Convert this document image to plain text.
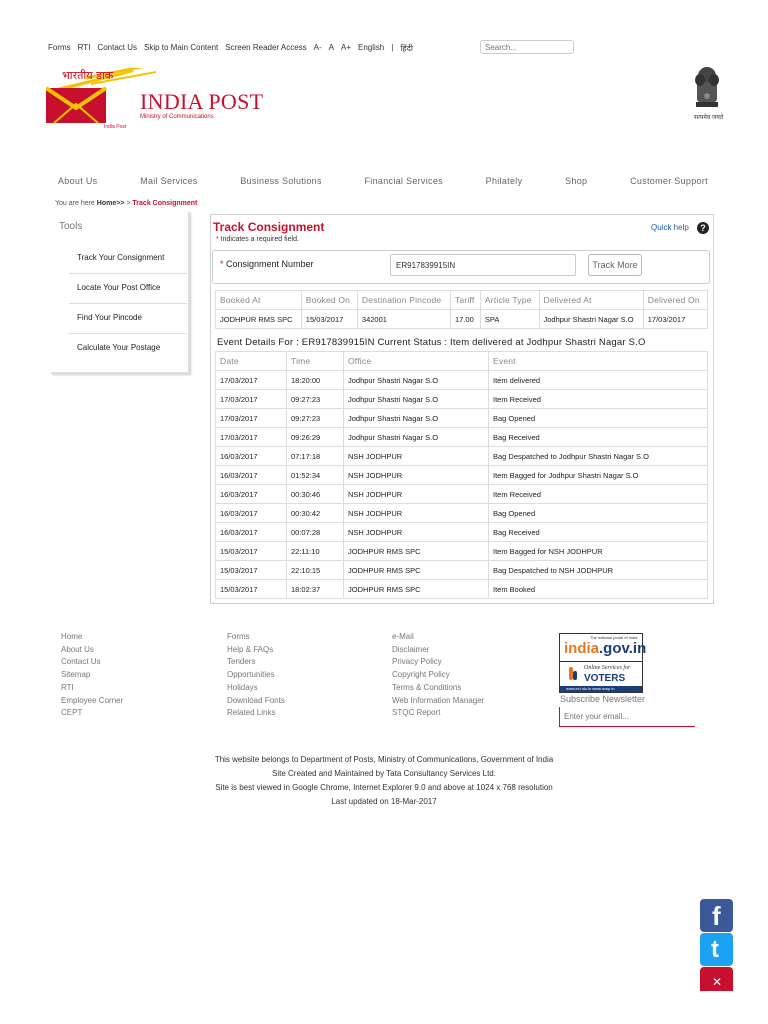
Forms RTI Contact Us Skip to Main Content Screen Reader Access A- A A+ English | हिंदी
Search...
भारतीय डाक
INDIA POST
Ministry of Communications
India Post
सत्यमेव जयते
About Us	Mail Services	Business Solutions	Financial Services	Philately	Shop	Customer Support
You are here Home>> > Track Consignment
Tools
Track Your Consignment
Locate Your Post Office
Find Your Pincode
Calculate Your Postage
Track Consignment
* Indicates a required field.
Quick help	?
* Consignment Number
ER917839915IN	Track More
Booked At	Booked On	Destination Pincode	Tariff	Article Type	Delivered At	Delivered On
JODHPUR RMS SPC	15/03/2017	342001	17.00	SPA	Jodhpur Shastri Nagar S.O	17/03/2017
Event Details For : ER917839915IN Current Status : Item delivered at Jodhpur Shastri Nagar S.O
Date	Time	Office	Event
17/03/2017	18:20:00	Jodhpur Shastri Nagar S.O	Item delivered
17/03/2017	09:27:23	Jodhpur Shastri Nagar S.O	Item Received
17/03/2017	09:27:23	Jodhpur Shastri Nagar S.O	Bag Opened
17/03/2017	09:26:29	Jodhpur Shastri Nagar S.O	Bag Received
16/03/2017	07:17:18	NSH JODHPUR	Bag Despatched to Jodhpur Shastri Nagar S.O
16/03/2017	01:52:34	NSH JODHPUR	Item Bagged for Jodhpur Shastri Nagar S.O
16/03/2017	00:30:46	NSH JODHPUR	Item Received
16/03/2017	00:30:42	NSH JODHPUR	Bag Opened
16/03/2017	00:07:28	NSH JODHPUR	Bag Received
15/03/2017	22:11:10	JODHPUR RMS SPC	Item Bagged for NSH JODHPUR
15/03/2017	22:10:15	JODHPUR RMS SPC	Bag Despatched to NSH JODHPUR
15/03/2017	18:02:37	JODHPUR RMS SPC	Item Booked
Home
About Us
Contact Us
Sitemap
RTI
Employee Corner
CEPT
Forms
Help & FAQs
Tenders
Opportunities
Holidays
Download Fonts
Related Links
e-Mail
Disclaimer
Privacy Policy
Copyright Policy
Terms & Conditions
Web Information Manager
STQC Report
The national portal of India
india.gov.in
Online Services for
VOTERS
www.eci.nic.in www.nvsp.in
Subscribe Newsletter
Enter your email...
This website belongs to Department of Posts, Ministry of Communications, Government of India
Site Created and Maintained by Tata Consultancy Services Ltd.
Site is best viewed in Google Chrome, Internet Explorer 9.0 and above at 1024 x 768 resolution
Last updated on 18-Mar-2017
f
t
✕
